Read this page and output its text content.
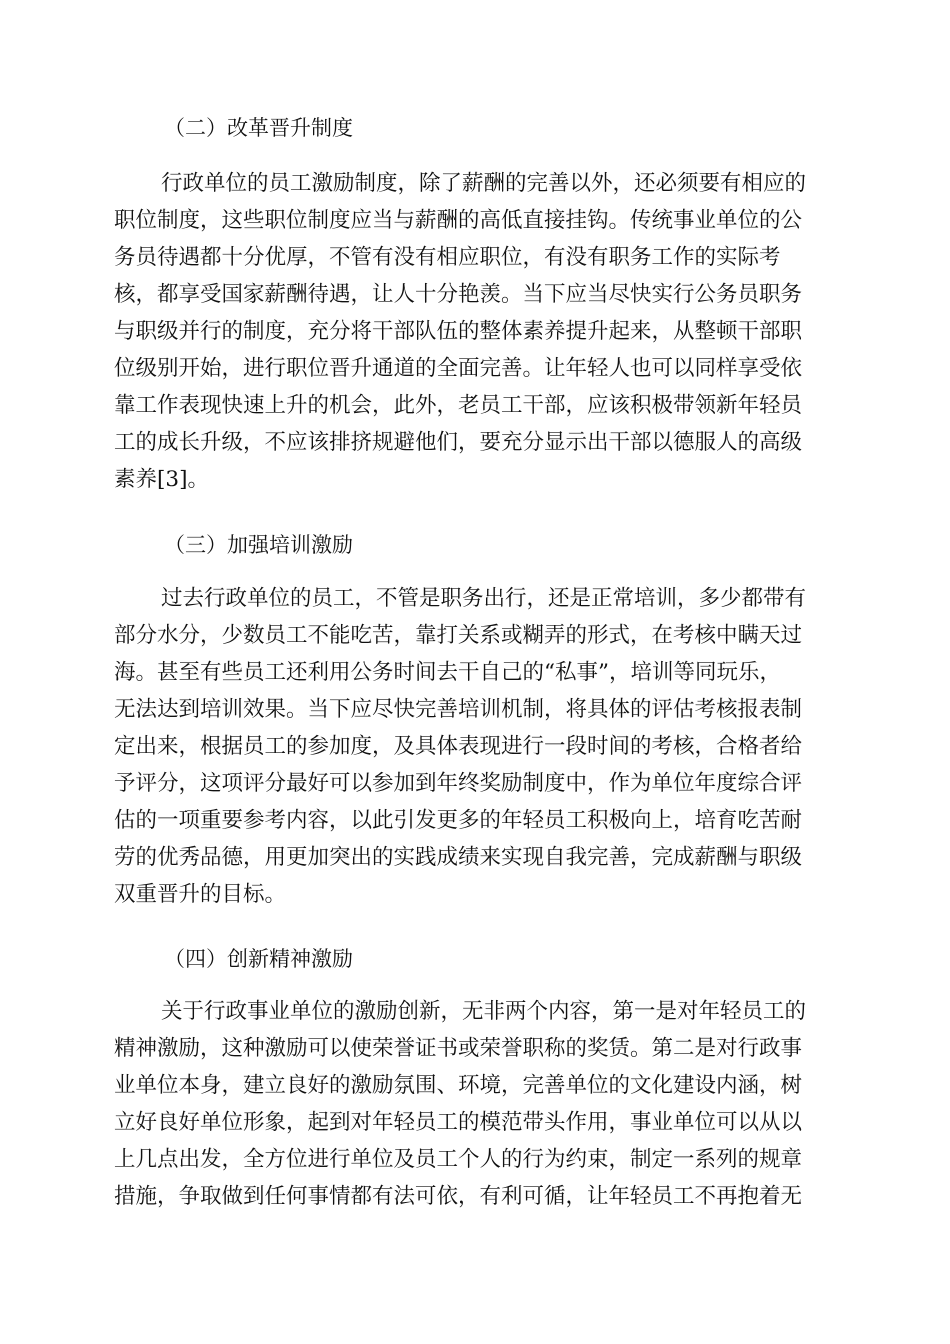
（二）改革晋升制度
行政单位的员工激励制度，除了薪酬的完善以外，还必须要有相应的
职位制度，这些职位制度应当与薪酬的高低直接挂钩。传统事业单位的公
务员待遇都十分优厚，不管有没有相应职位，有没有职务工作的实际考
核，都享受国家薪酬待遇，让人十分艳羡。当下应当尽快实行公务员职务
与职级并行的制度，充分将干部队伍的整体素养提升起来，从整顿干部职
位级别开始，进行职位晋升通道的全面完善。让年轻人也可以同样享受依
靠工作表现快速上升的机会，此外，老员工干部，应该积极带领新年轻员
工的成长升级，不应该排挤规避他们，要充分显示出干部以德服人的高级
素养[3]。
（三）加强培训激励
过去行政单位的员工，不管是职务出行，还是正常培训，多少都带有
部分水分，少数员工不能吃苦，靠打关系或糊弄的形式，在考核中瞒天过
海。甚至有些员工还利用公务时间去干自己的“私事”，培训等同玩乐，
无法达到培训效果。当下应尽快完善培训机制，将具体的评估考核报表制
定出来，根据员工的参加度，及具体表现进行一段时间的考核，合格者给
予评分，这项评分最好可以参加到年终奖励制度中，作为单位年度综合评
估的一项重要参考内容，以此引发更多的年轻员工积极向上，培育吃苦耐
劳的优秀品德，用更加突出的实践成绩来实现自我完善，完成薪酬与职级
双重晋升的目标。
（四）创新精神激励
关于行政事业单位的激励创新，无非两个内容，第一是对年轻员工的
精神激励，这种激励可以使荣誉证书或荣誉职称的奖赁。第二是对行政事
业单位本身，建立良好的激励氛围、环境，完善单位的文化建设内涵，树
立好良好单位形象，起到对年轻员工的模范带头作用，事业单位可以从以
上几点出发，全方位进行单位及员工个人的行为约束，制定一系列的规章
措施，争取做到任何事情都有法可依，有利可循，让年轻员工不再抱着无
